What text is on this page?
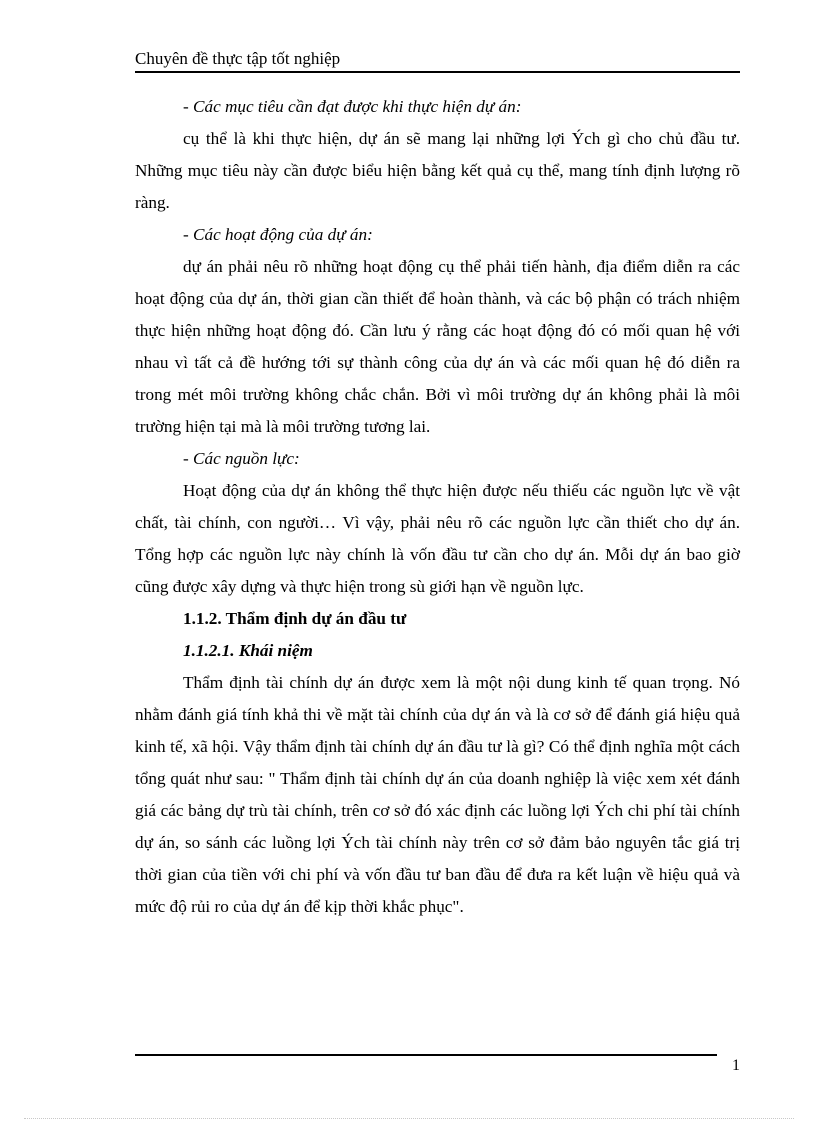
Chuyên đề thực tập tốt nghiệp

- Các mục tiêu cần đạt được khi thực hiện dự án:

cụ thể là khi thực hiện, dự án sẽ mang lại những lợi Ých gì cho chủ đầu tư. Những mục tiêu này cần được biểu hiện bằng kết quả cụ thể, mang tính định lượng rõ ràng.

- Các hoạt động của dự án:

dự án phải nêu rõ những hoạt động cụ thể phải tiến hành, địa điểm diễn ra các hoạt động của dự án, thời gian cần thiết để hoàn thành, và các bộ phận có trách nhiệm thực hiện những hoạt động đó. Cần lưu ý rằng các hoạt động đó có mối quan hệ với nhau vì tất cả đề hướng tới sự thành công của dự án và các mối quan hệ đó diễn ra trong mét môi trường không chắc chắn. Bởi vì môi trường dự án không phải là môi trường hiện tại mà là môi trường tương lai.

- Các nguồn lực:

Hoạt động của dự án không thể thực hiện được nếu thiếu các nguồn lực về vật chất, tài chính, con người… Vì vậy, phải nêu rõ các nguồn lực cần thiết cho dự án. Tổng hợp các nguồn lực này chính là vốn đầu tư cần cho dự án. Mỗi dự án bao giờ cũng được xây dựng và thực hiện trong sù giới hạn về nguồn lực.

1.1.2. Thẩm định dự án đầu tư

1.1.2.1. Khái niệm

Thẩm định tài chính dự án được xem là một nội dung kinh tế quan trọng. Nó nhằm đánh giá tính khả thi về mặt tài chính của dự án và là cơ sở để đánh giá hiệu quả kinh tế, xã hội. Vậy thẩm định tài chính dự án đầu tư là gì? Có thể định nghĩa một cách tổng quát như sau: " Thẩm định tài chính dự án của doanh nghiệp là việc xem xét đánh giá các bảng dự trù tài chính, trên cơ sở đó xác định các luồng lợi Ých chi phí tài chính dự án, so sánh các luồng lợi Ých tài chính này trên cơ sở đảm bảo nguyên tắc giá trị thời gian của tiền với chi phí và vốn đầu tư ban đầu để đưa ra kết luận về hiệu quả và mức độ rủi ro của dự án để kịp thời khắc phục".

1
